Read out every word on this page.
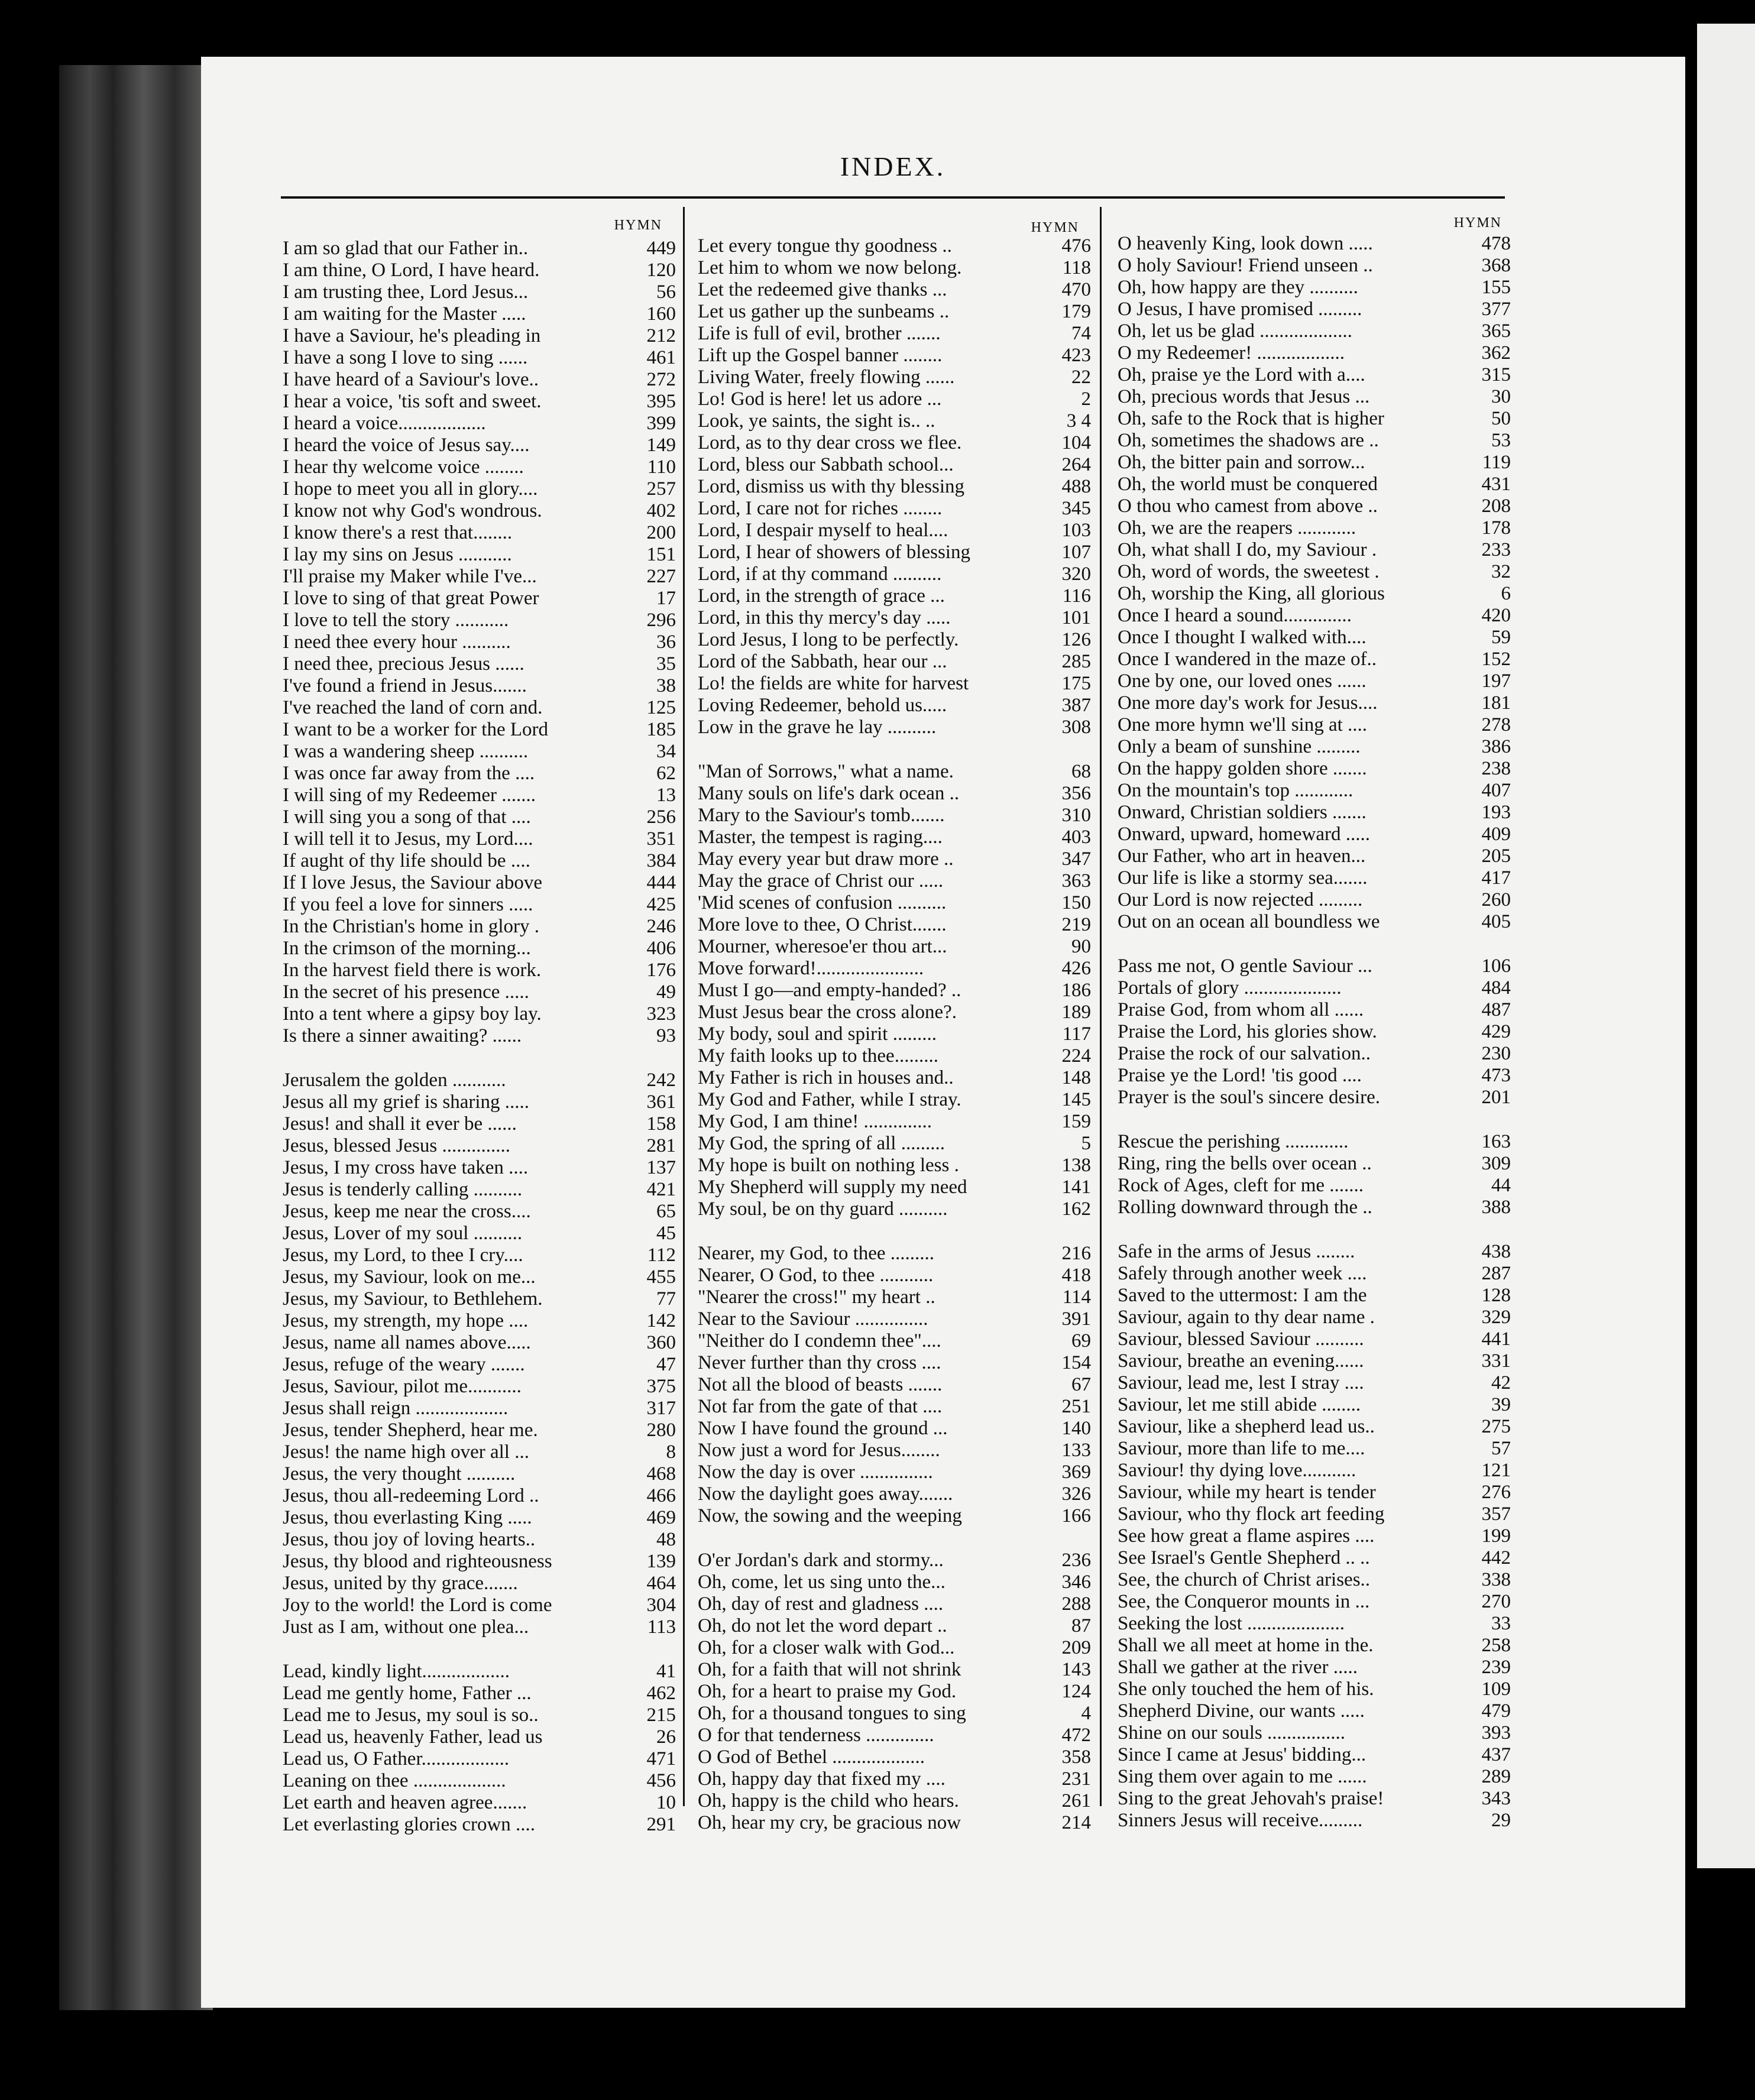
INDEX.
HYMN	HYMN	HYMN
I am so glad that our Father in..	449
I am thine, O Lord, I have heard.	120
I am trusting thee, Lord Jesus...	56
I am waiting for the Master .....	160
I have a Saviour, he's pleading in	212
I have a song I love to sing ......	461
I have heard of a Saviour's love..	272
I hear a voice, 'tis soft and sweet.	395
I heard a voice..................	399
I heard the voice of Jesus say....	149
I hear thy welcome voice ........	110
I hope to meet you all in glory....	257
I know not why God's wondrous.	402
I know there's a rest that........	200
I lay my sins on Jesus ...........	151
I'll praise my Maker while I've...	227
I love to sing of that great Power	17
I love to tell the story ...........	296
I need thee every hour ..........	36
I need thee, precious Jesus ......	35
I've found a friend in Jesus.......	38
I've reached the land of corn and.	125
I want to be a worker for the Lord	185
I was a wandering sheep ..........	34
I was once far away from the ....	62
I will sing of my Redeemer .......	13
I will sing you a song of that ....	256
I will tell it to Jesus, my Lord....	351
If aught of thy life should be ....	384
If I love Jesus, the Saviour above	444
If you feel a love for sinners .....	425
In the Christian's home in glory .	246
In the crimson of the morning...	406
In the harvest field there is work.	176
In the secret of his presence .....	49
Into a tent where a gipsy boy lay.	323
Is there a sinner awaiting? ......	93
Jerusalem the golden ...........	242
Jesus all my grief is sharing .....	361
Jesus! and shall it ever be ......	158
Jesus, blessed Jesus ..............	281
Jesus, I my cross have taken ....	137
Jesus is tenderly calling ..........	421
Jesus, keep me near the cross....	65
Jesus, Lover of my soul ..........	45
Jesus, my Lord, to thee I cry....	112
Jesus, my Saviour, look on me...	455
Jesus, my Saviour, to Bethlehem.	77
Jesus, my strength, my hope ....	142
Jesus, name all names above.....	360
Jesus, refuge of the weary .......	47
Jesus, Saviour, pilot me...........	375
Jesus shall reign ...................	317
Jesus, tender Shepherd, hear me.	280
Jesus! the name high over all ...	8
Jesus, the very thought ..........	468
Jesus, thou all-redeeming Lord ..	466
Jesus, thou everlasting King .....	469
Jesus, thou joy of loving hearts..	48
Jesus, thy blood and righteousness	139
Jesus, united by thy grace.......	464
Joy to the world! the Lord is come	304
Just as I am, without one plea...	113
Lead, kindly light..................	41
Lead me gently home, Father ...	462
Lead me to Jesus, my soul is so..	215
Lead us, heavenly Father, lead us	26
Lead us, O Father..................	471
Leaning on thee ...................	456
Let earth and heaven agree.......	10
Let everlasting glories crown ....	291
Let every tongue thy goodness ..	476
Let him to whom we now belong.	118
Let the redeemed give thanks ...	470
Let us gather up the sunbeams ..	179
Life is full of evil, brother .......	74
Lift up the Gospel banner ........	423
Living Water, freely flowing ......	22
Lo! God is here! let us adore ...	2
Look, ye saints, the sight is.. ..	3 4
Lord, as to thy dear cross we flee.	104
Lord, bless our Sabbath school...	264
Lord, dismiss us with thy blessing	488
Lord, I care not for riches ........	345
Lord, I despair myself to heal....	103
Lord, I hear of showers of blessing	107
Lord, if at thy command ..........	320
Lord, in the strength of grace ...	116
Lord, in this thy mercy's day .....	101
Lord Jesus, I long to be perfectly.	126
Lord of the Sabbath, hear our ...	285
Lo! the fields are white for harvest	175
Loving Redeemer, behold us.....	387
Low in the grave he lay ..........	308
"Man of Sorrows," what a name.	68
Many souls on life's dark ocean ..	356
Mary to the Saviour's tomb.......	310
Master, the tempest is raging....	403
May every year but draw more ..	347
May the grace of Christ our .....	363
'Mid scenes of confusion ..........	150
More love to thee, O Christ.......	219
Mourner, wheresoe'er thou art...	90
Move forward!......................	426
Must I go—and empty-handed? ..	186
Must Jesus bear the cross alone?.	189
My body, soul and spirit .........	117
My faith looks up to thee.........	224
My Father is rich in houses and..	148
My God and Father, while I stray.	145
My God, I am thine! ..............	159
My God, the spring of all .........	5
My hope is built on nothing less .	138
My Shepherd will supply my need	141
My soul, be on thy guard ..........	162
Nearer, my God, to thee .........	216
Nearer, O God, to thee ...........	418
"Nearer the cross!" my heart ..	114
Near to the Saviour ...............	391
"Neither do I condemn thee"....	69
Never further than thy cross ....	154
Not all the blood of beasts .......	67
Not far from the gate of that ....	251
Now I have found the ground ...	140
Now just a word for Jesus........	133
Now the day is over ...............	369
Now the daylight goes away.......	326
Now, the sowing and the weeping	166
O'er Jordan's dark and stormy...	236
Oh, come, let us sing unto the...	346
Oh, day of rest and gladness ....	288
Oh, do not let the word depart ..	87
Oh, for a closer walk with God...	209
Oh, for a faith that will not shrink	143
Oh, for a heart to praise my God.	124
Oh, for a thousand tongues to sing	4
O for that tenderness ..............	472
O God of Bethel ...................	358
Oh, happy day that fixed my ....	231
Oh, happy is the child who hears.	261
Oh, hear my cry, be gracious now	214
O heavenly King, look down .....	478
O holy Saviour! Friend unseen ..	368
Oh, how happy are they ..........	155
O Jesus, I have promised .........	377
Oh, let us be glad ...................	365
O my Redeemer! ..................	362
Oh, praise ye the Lord with a....	315
Oh, precious words that Jesus ...	30
Oh, safe to the Rock that is higher	50
Oh, sometimes the shadows are ..	53
Oh, the bitter pain and sorrow...	119
Oh, the world must be conquered	431
O thou who camest from above ..	208
Oh, we are the reapers ............	178
Oh, what shall I do, my Saviour .	233
Oh, word of words, the sweetest .	32
Oh, worship the King, all glorious	6
Once I heard a sound..............	420
Once I thought I walked with....	59
Once I wandered in the maze of..	152
One by one, our loved ones ......	197
One more day's work for Jesus....	181
One more hymn we'll sing at ....	278
Only a beam of sunshine .........	386
On the happy golden shore .......	238
On the mountain's top ............	407
Onward, Christian soldiers .......	193
Onward, upward, homeward .....	409
Our Father, who art in heaven...	205
Our life is like a stormy sea.......	417
Our Lord is now rejected .........	260
Out on an ocean all boundless we	405
Pass me not, O gentle Saviour ...	106
Portals of glory ....................	484
Praise God, from whom all ......	487
Praise the Lord, his glories show.	429
Praise the rock of our salvation..	230
Praise ye the Lord! 'tis good ....	473
Prayer is the soul's sincere desire.	201
Rescue the perishing .............	163
Ring, ring the bells over ocean ..	309
Rock of Ages, cleft for me .......	44
Rolling downward through the ..	388
Safe in the arms of Jesus ........	438
Safely through another week ....	287
Saved to the uttermost: I am the	128
Saviour, again to thy dear name .	329
Saviour, blessed Saviour ..........	441
Saviour, breathe an evening......	331
Saviour, lead me, lest I stray ....	42
Saviour, let me still abide ........	39
Saviour, like a shepherd lead us..	275
Saviour, more than life to me....	57
Saviour! thy dying love...........	121
Saviour, while my heart is tender	276
Saviour, who thy flock art feeding	357
See how great a flame aspires ....	199
See Israel's Gentle Shepherd .. ..	442
See, the church of Christ arises..	338
See, the Conqueror mounts in ...	270
Seeking the lost ....................	33
Shall we all meet at home in the.	258
Shall we gather at the river .....	239
She only touched the hem of his.	109
Shepherd Divine, our wants .....	479
Shine on our souls ................	393
Since I came at Jesus' bidding...	437
Sing them over again to me ......	289
Sing to the great Jehovah's praise!	343
Sinners Jesus will receive.........	29
